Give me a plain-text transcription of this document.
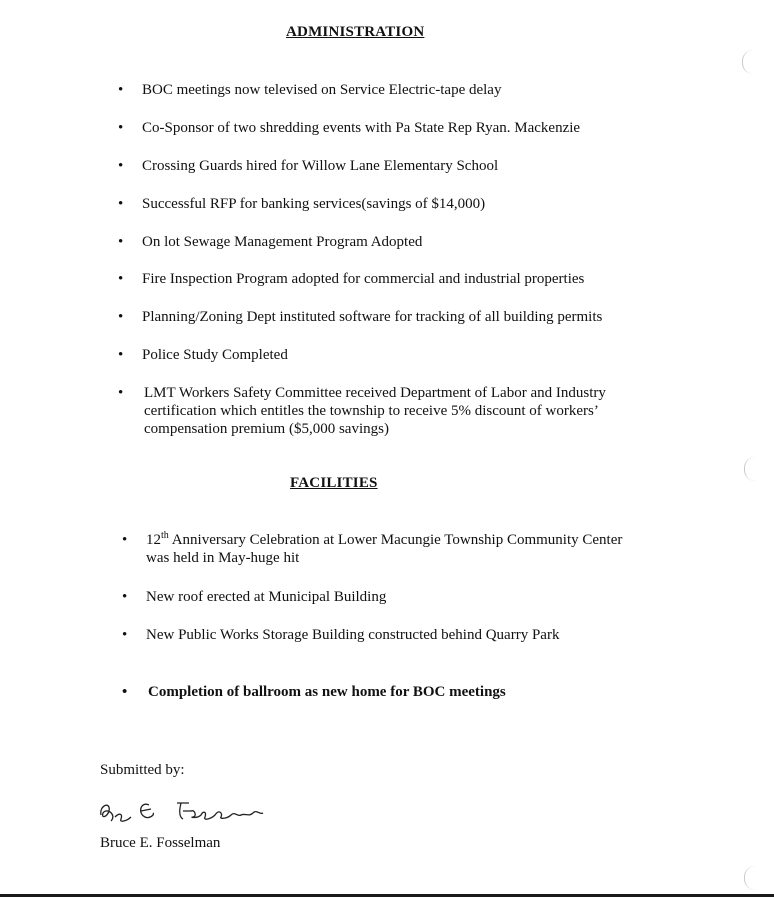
ADMINISTRATION
• BOC meetings now televised on Service Electric-tape delay
• Co-Sponsor of two shredding events with Pa State Rep Ryan. Mackenzie
• Crossing Guards hired for Willow Lane Elementary School
• Successful RFP for banking services(savings of $14,000)
• On lot Sewage Management Program Adopted
• Fire Inspection Program adopted for commercial and industrial properties
• Planning/Zoning Dept instituted software for tracking of all building permits
• Police Study Completed
• LMT Workers Safety Committee received Department of Labor and Industry
certification which entitles the township to receive 5% discount of workers’
compensation premium ($5,000 savings)
FACILITIES
• 12th Anniversary Celebration at Lower Macungie Township Community Center
was held in May-huge hit
• New roof erected at Municipal Building
• New Public Works Storage Building constructed behind Quarry Park
• Completion of ballroom as new home for BOC meetings
Submitted by:
Bruce E. Fosselman
